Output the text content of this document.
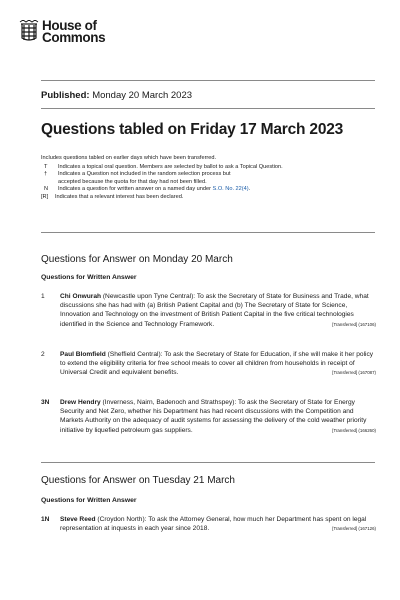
House of
Commons
Published: Monday 20 March 2023
Questions tabled on Friday 17 March 2023
Includes questions tabled on earlier days which have been transferred.
T	Indicates a topical oral question. Members are selected by ballot to ask a Topical Question.
†	Indicates a Question not included in the random selection process but
accepted because the quota for that day had not been filled.
N	Indicates a question for written answer on a named day under S.O. No. 22(4).
[R]	Indicates that a relevant interest has been declared.
Questions for Answer on Monday 20 March
Questions for Written Answer
1	Chi Onwurah (Newcastle upon Tyne Central): To ask the Secretary of State for Business and Trade, what discussions she has had with (a) British Patient Capital and (b) The Secretary of State for Science, Innovation and Technology on the investment of British Patient Capital in the five critical technologies identified in the Science and Technology Framework.	[Transferred] (167106)
2	Paul Blomfield (Sheffield Central): To ask the Secretary of State for Education, if she will make it her policy to extend the eligibility criteria for free school meals to cover all children from households in receipt of Universal Credit and equivalent benefits.	[Transferred] (167087)
3N	Drew Hendry (Inverness, Nairn, Badenoch and Strathspey): To ask the Secretary of State for Energy Security and Net Zero, whether his Department has had recent discussions with the Competition and Markets Authority on the adequacy of audit systems for assessing the delivery of the cold weather priority initiative by liquefied petroleum gas suppliers.	[Transferred] (166260)
Questions for Answer on Tuesday 21 March
Questions for Written Answer
1N	Steve Reed (Croydon North): To ask the Attorney General, how much her Department has spent on legal representation at inquests in each year since 2018.	[Transferred] (167126)
